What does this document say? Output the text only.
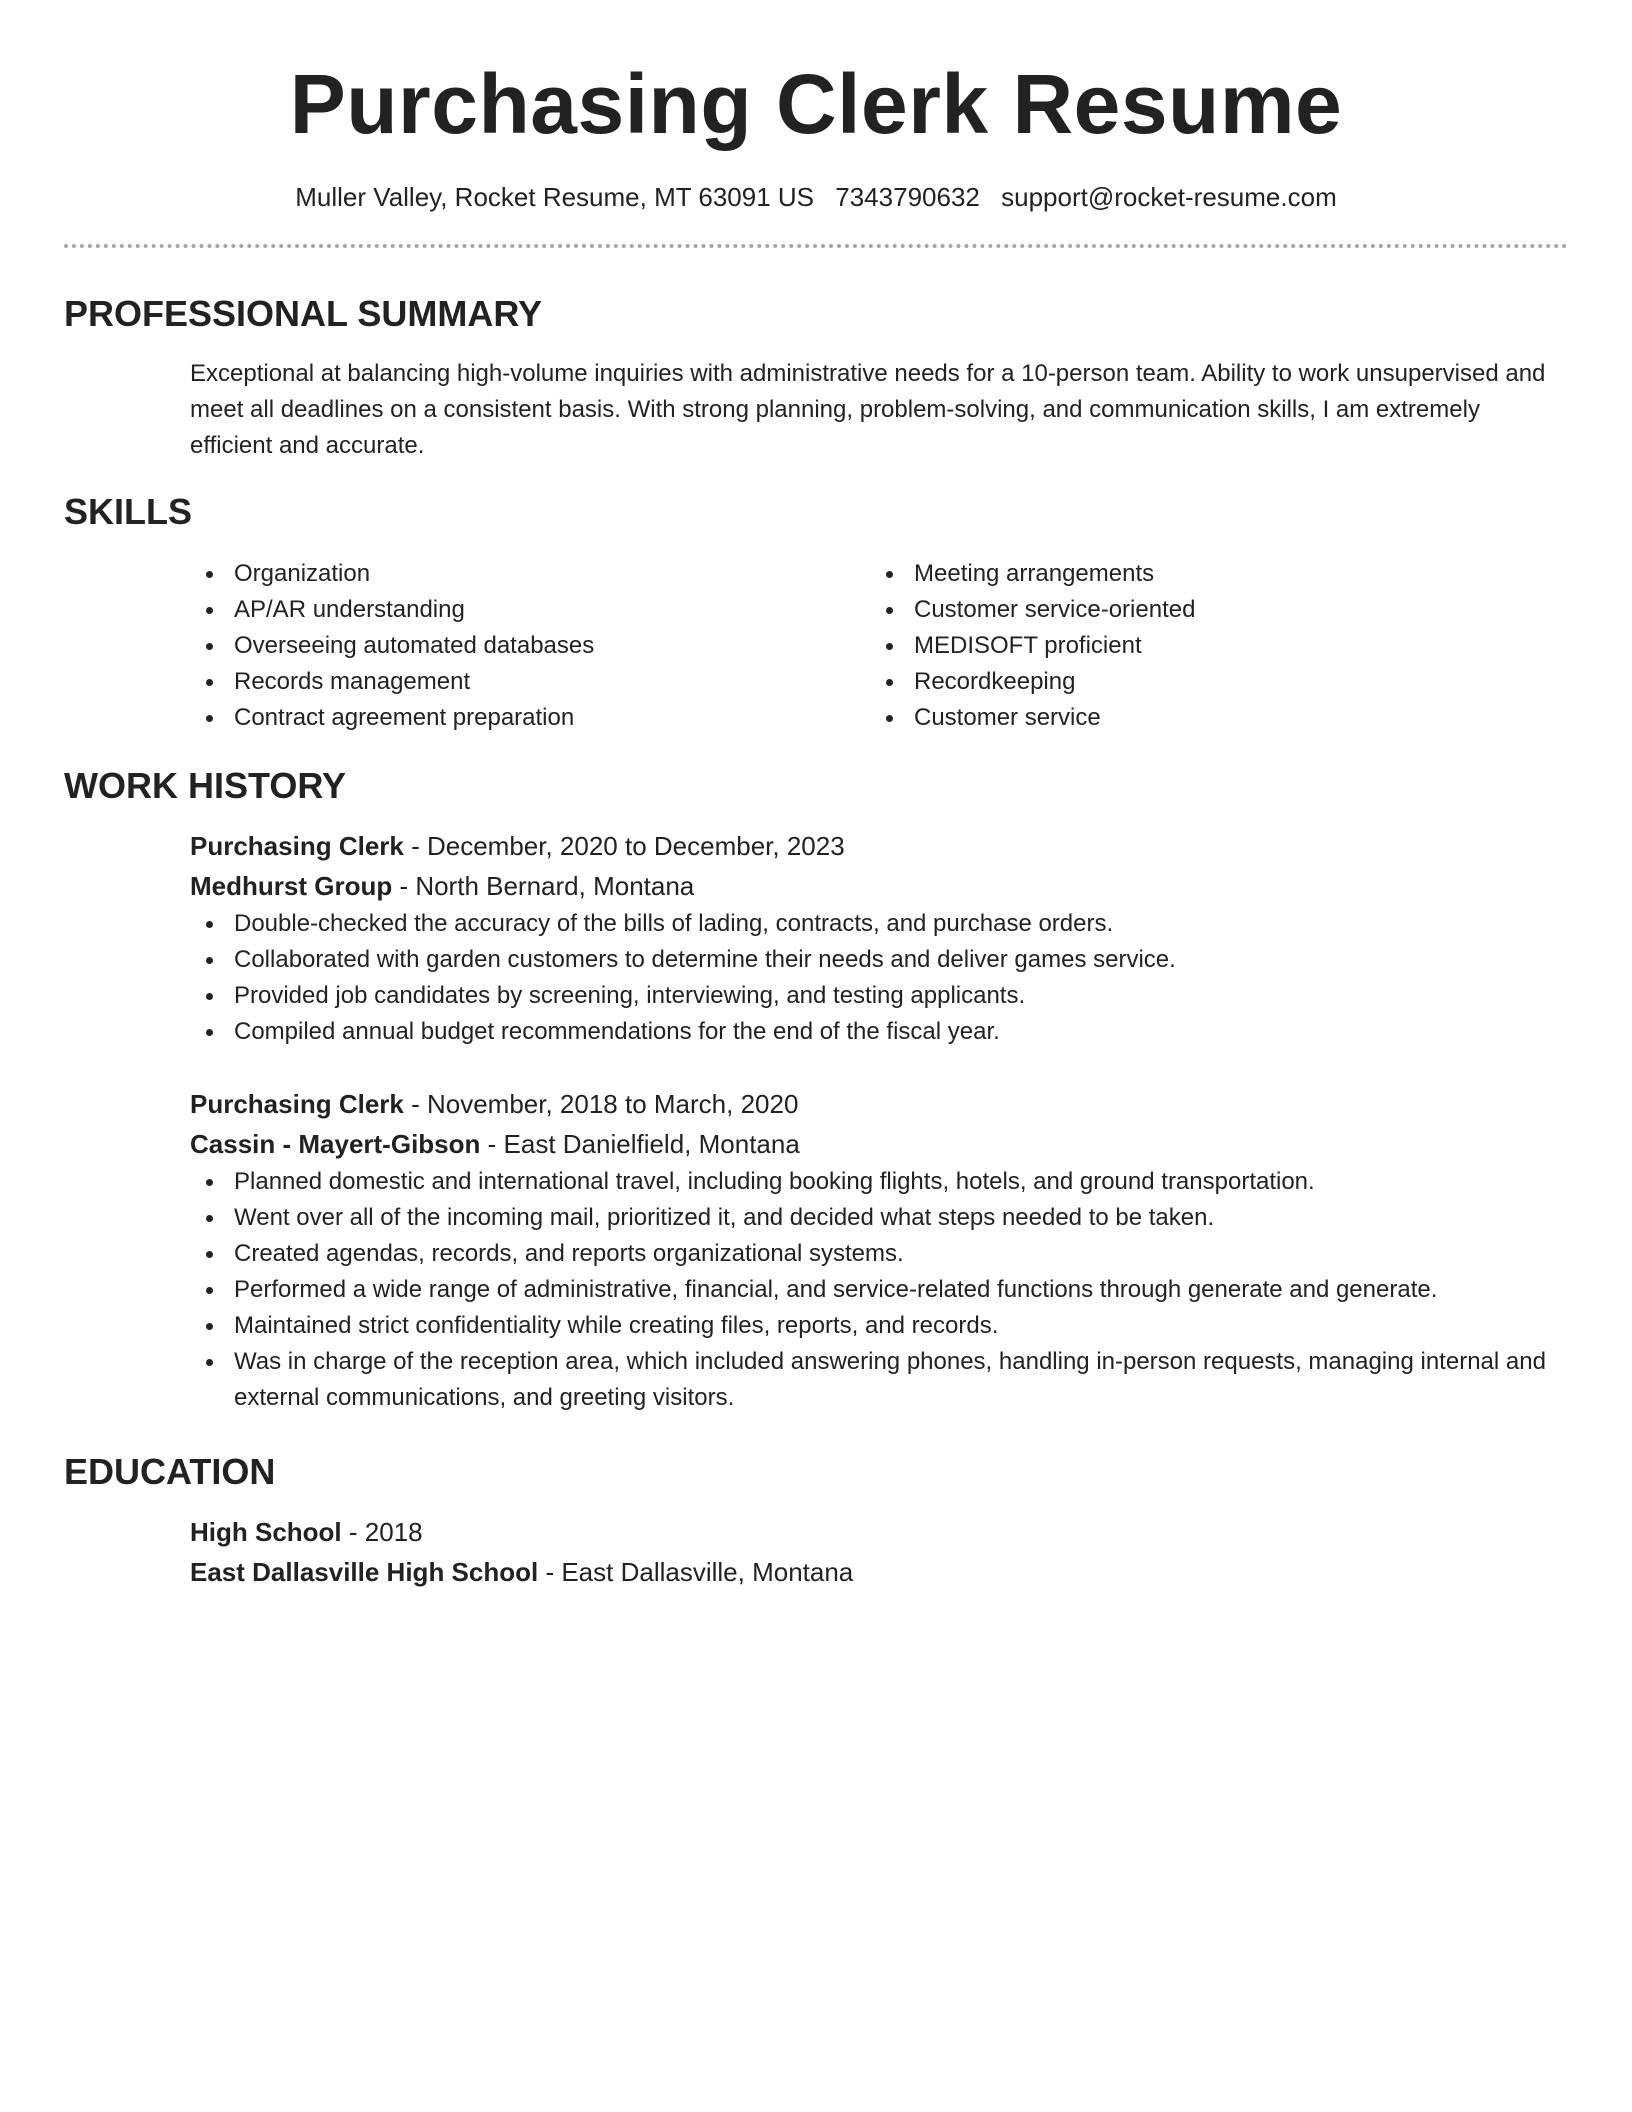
Purchasing Clerk Resume
Muller Valley, Rocket Resume, MT 63091 US 7343790632 support@rocket-resume.com
PROFESSIONAL SUMMARY
Exceptional at balancing high-volume inquiries with administrative needs for a 10-person team. Ability to work unsupervised and meet all deadlines on a consistent basis. With strong planning, problem-solving, and communication skills, I am extremely efficient and accurate.
SKILLS
Organization
AP/AR understanding
Overseeing automated databases
Records management
Contract agreement preparation
Meeting arrangements
Customer service-oriented
MEDISOFT proficient
Recordkeeping
Customer service
WORK HISTORY
Purchasing Clerk - December, 2020 to December, 2023
Medhurst Group - North Bernard, Montana
Double-checked the accuracy of the bills of lading, contracts, and purchase orders.
Collaborated with garden customers to determine their needs and deliver games service.
Provided job candidates by screening, interviewing, and testing applicants.
Compiled annual budget recommendations for the end of the fiscal year.
Purchasing Clerk - November, 2018 to March, 2020
Cassin - Mayert-Gibson - East Danielfield, Montana
Planned domestic and international travel, including booking flights, hotels, and ground transportation.
Went over all of the incoming mail, prioritized it, and decided what steps needed to be taken.
Created agendas, records, and reports organizational systems.
Performed a wide range of administrative, financial, and service-related functions through generate and generate.
Maintained strict confidentiality while creating files, reports, and records.
Was in charge of the reception area, which included answering phones, handling in-person requests, managing internal and external communications, and greeting visitors.
EDUCATION
High School - 2018
East Dallasville High School - East Dallasville, Montana
